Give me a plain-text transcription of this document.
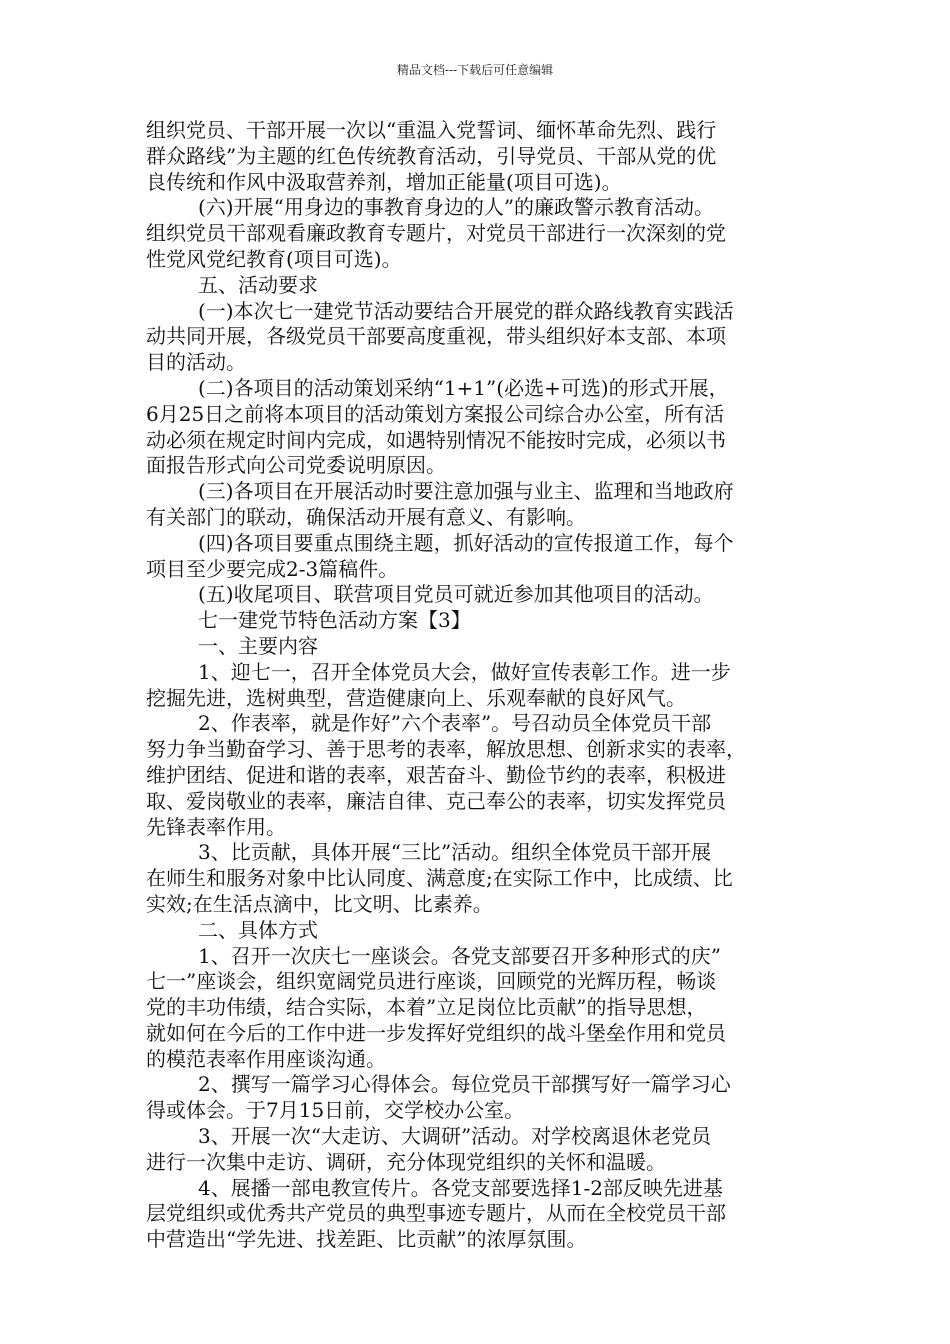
精品文档---下载后可任意编辑
组织党员、干部开展一次以“重温入党誓词、缅怀革命先烈、践行
群众路线”为主题的红色传统教育活动，引导党员、干部从党的优
良传统和作风中汲取营养剂，增加正能量(项目可选)。
(六)开展“用身边的事教育身边的人”的廉政警示教育活动。
组织党员干部观看廉政教育专题片，对党员干部进行一次深刻的党
性党风党纪教育(项目可选)。
五、活动要求
(一)本次七一建党节活动要结合开展党的群众路线教育实践活
动共同开展，各级党员干部要高度重视，带头组织好本支部、本项
目的活动。
(二)各项目的活动策划采纳“1+1”(必选+可选)的形式开展，
6月25日之前将本项目的活动策划方案报公司综合办公室，所有活
动必须在规定时间内完成，如遇特别情况不能按时完成，必须以书
面报告形式向公司党委说明原因。
(三)各项目在开展活动时要注意加强与业主、监理和当地政府
有关部门的联动，确保活动开展有意义、有影响。
(四)各项目要重点围绕主题，抓好活动的宣传报道工作，每个
项目至少要完成2-3篇稿件。
(五)收尾项目、联营项目党员可就近参加其他项目的活动。
七一建党节特色活动方案【3】
一、主要内容
1、迎七一，召开全体党员大会，做好宣传表彰工作。进一步
挖掘先进，选树典型，营造健康向上、乐观奉献的良好风气。
2、作表率，就是作好”六个表率”。号召动员全体党员干部
努力争当勤奋学习、善于思考的表率，解放思想、创新求实的表率，
维护团结、促进和谐的表率，艰苦奋斗、勤俭节约的表率，积极进
取、爱岗敬业的表率，廉洁自律、克己奉公的表率，切实发挥党员
先锋表率作用。
3、比贡献，具体开展“三比”活动。组织全体党员干部开展
在师生和服务对象中比认同度、满意度;在实际工作中，比成绩、比
实效;在生活点滴中，比文明、比素养。
二、具体方式
1、召开一次庆七一座谈会。各党支部要召开多种形式的庆”
七一”座谈会，组织宽阔党员进行座谈，回顾党的光辉历程，畅谈
党的丰功伟绩，结合实际，本着”立足岗位比贡献”的指导思想，
就如何在今后的工作中进一步发挥好党组织的战斗堡垒作用和党员
的模范表率作用座谈沟通。
2、撰写一篇学习心得体会。每位党员干部撰写好一篇学习心
得或体会。于7月15日前，交学校办公室。
3、开展一次“大走访、大调研”活动。对学校离退休老党员
进行一次集中走访、调研，充分体现党组织的关怀和温暖。
4、展播一部电教宣传片。各党支部要选择1-2部反映先进基
层党组织或优秀共产党员的典型事迹专题片，从而在全校党员干部
中营造出“学先进、找差距、比贡献”的浓厚氛围。
